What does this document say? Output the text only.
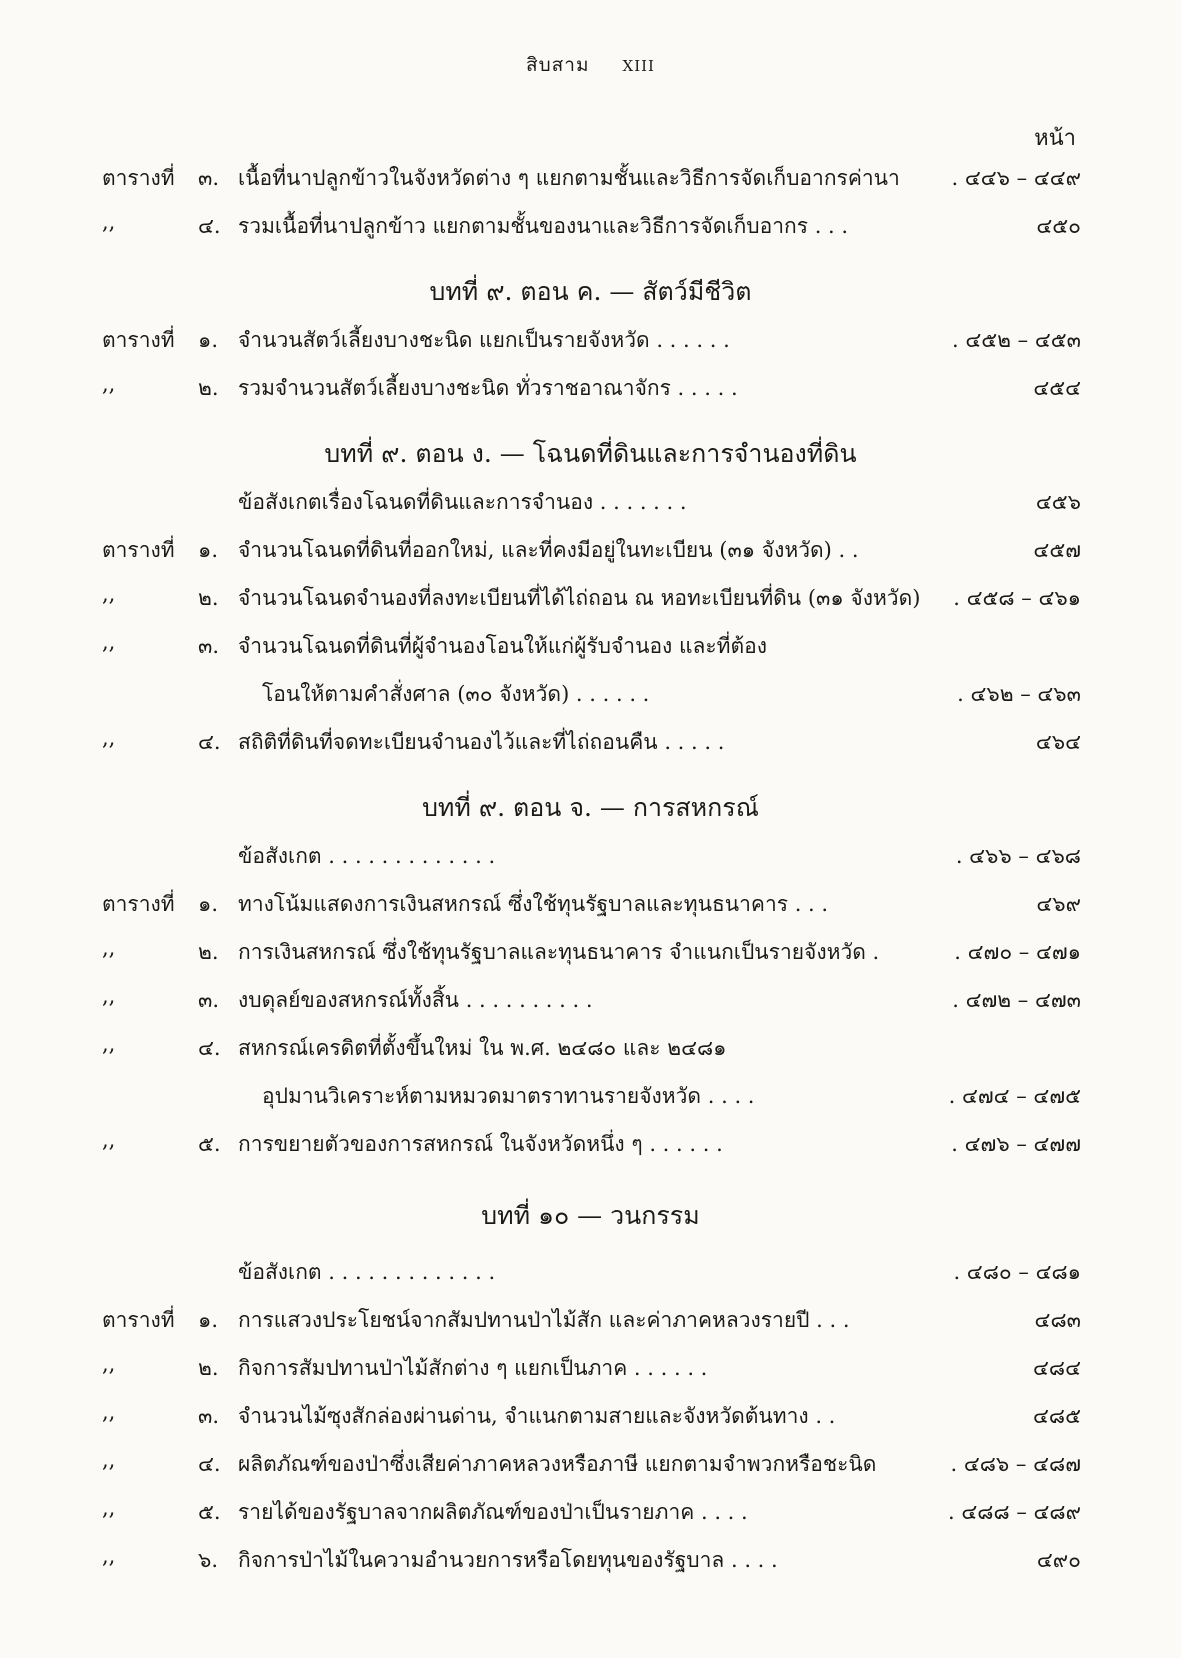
สิบสาม XIII
หน้า
ตารางที่ ๓. เนื้อที่นาปลูกข้าวในจังหวัดต่าง ๆ แยกตามชั้นและวิธีการจัดเก็บอากรค่านา . ๔๔๖ – ๔๔๙
,,	๔. รวมเนื้อที่นาปลูกข้าว แยกตามชั้นของนาและวิธีการจัดเก็บอากร . . .	๔๕๐
บทที่ ๙. ตอน ค. — สัตว์มีชีวิต
ตารางที่ ๑. จำนวนสัตว์เลี้ยงบางชะนิด แยกเป็นรายจังหวัด . . . . . .	. ๔๕๒ – ๔๕๓
,,	๒. รวมจำนวนสัตว์เลี้ยงบางชะนิด ทั่วราชอาณาจักร . . . . .	๔๕๔
บทที่ ๙. ตอน ง. — โฉนดที่ดินและการจำนองที่ดิน
ข้อสังเกตเรื่องโฉนดที่ดินและการจำนอง . . . . . . .	๔๕๖
ตารางที่ ๑. จำนวนโฉนดที่ดินที่ออกใหม่, และที่คงมีอยู่ในทะเบียน (๓๑ จังหวัด) . .	๔๕๗
,,	๒. จำนวนโฉนดจำนองที่ลงทะเบียนที่ได้ไถ่ถอน ณ หอทะเบียนที่ดิน (๓๑ จังหวัด) . ๔๕๘ – ๔๖๑
,,	๓. จำนวนโฉนดที่ดินที่ผู้จำนองโอนให้แก่ผู้รับจำนอง และที่ต้อง
โอนให้ตามคำสั่งศาล (๓๐ จังหวัด) . . . . . .	. ๔๖๒ – ๔๖๓
,,	๔. สถิติที่ดินที่จดทะเบียนจำนองไว้และที่ไถ่ถอนคืน . . . . .	๔๖๔
บทที่ ๙. ตอน จ. — การสหกรณ์
ข้อสังเกต . . . . . . . . . . . . .	. ๔๖๖ – ๔๖๘
ตารางที่ ๑. ทางโน้มแสดงการเงินสหกรณ์ ซึ่งใช้ทุนรัฐบาลและทุนธนาคาร . . .	๔๖๙
,,	๒. การเงินสหกรณ์ ซึ่งใช้ทุนรัฐบาลและทุนธนาคาร จำแนกเป็นรายจังหวัด .	. ๔๗๐ – ๔๗๑
,,	๓. งบดุลย์ของสหกรณ์ทั้งสิ้น . . . . . . . . . .	. ๔๗๒ – ๔๗๓
,,	๔. สหกรณ์เครดิตที่ตั้งขึ้นใหม่ ใน พ.ศ. ๒๔๘๐ และ ๒๔๘๑
อุปมานวิเคราะห์ตามหมวดมาตราทานรายจังหวัด . . . .	. ๔๗๔ – ๔๗๕
,,	๕. การขยายตัวของการสหกรณ์ ในจังหวัดหนึ่ง ๆ . . . . . .	. ๔๗๖ – ๔๗๗
บทที่ ๑๐ — วนกรรม
ข้อสังเกต . . . . . . . . . . . . .	. ๔๘๐ – ๔๘๑
ตารางที่ ๑. การแสวงประโยชน์จากสัมปทานป่าไม้สัก และค่าภาคหลวงรายปี . . .	๔๘๓
,,	๒. กิจการสัมปทานป่าไม้สักต่าง ๆ แยกเป็นภาค . . . . . .	๔๘๔
,,	๓. จำนวนไม้ซุงสักล่องผ่านด่าน, จำแนกตามสายและจังหวัดต้นทาง . .	๔๘๕
,,	๔. ผลิตภัณฑ์ของป่าซึ่งเสียค่าภาคหลวงหรือภาษี แยกตามจำพวกหรือชะนิด	. ๔๘๖ – ๔๘๗
,,	๕. รายได้ของรัฐบาลจากผลิตภัณฑ์ของป่าเป็นรายภาค . . . .	. ๔๘๘ – ๔๘๙
,,	๖. กิจการป่าไม้ในความอำนวยการหรือโดยทุนของรัฐบาล . . . .	๔๙๐
